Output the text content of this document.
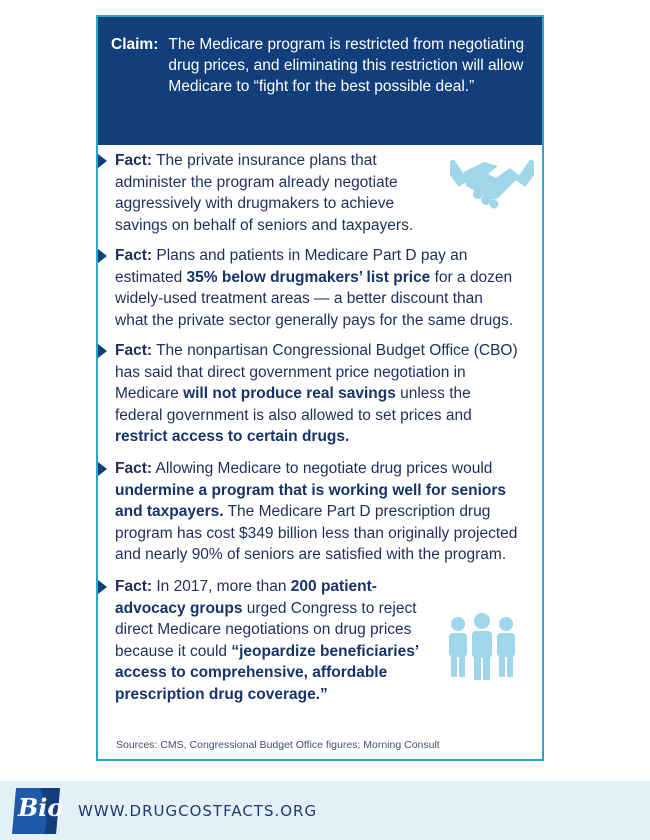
Claim: The Medicare program is restricted from negotiating drug prices, and eliminating this restriction will allow Medicare to “fight for the best possible deal.”
Fact: The private insurance plans that administer the program already negotiate aggressively with drugmakers to achieve savings on behalf of seniors and taxpayers.
Fact: Plans and patients in Medicare Part D pay an estimated 35% below drugmakers’ list price for a dozen widely-used treatment areas — a better discount than what the private sector generally pays for the same drugs.
Fact: The nonpartisan Congressional Budget Office (CBO) has said that direct government price negotiation in Medicare will not produce real savings unless the federal government is also allowed to set prices and restrict access to certain drugs.
Fact: Allowing Medicare to negotiate drug prices would undermine a program that is working well for seniors and taxpayers. The Medicare Part D prescription drug program has cost $349 billion less than originally projected and nearly 90% of seniors are satisfied with the program.
Fact: In 2017, more than 200 patient-advocacy groups urged Congress to reject direct Medicare negotiations on drug prices because it could “jeopardize beneficiaries’ access to comprehensive, affordable prescription drug coverage.”
Sources: CMS, Congressional Budget Office figures; Morning Consult
Bio WWW.DRUGCOSTFACTS.ORG
